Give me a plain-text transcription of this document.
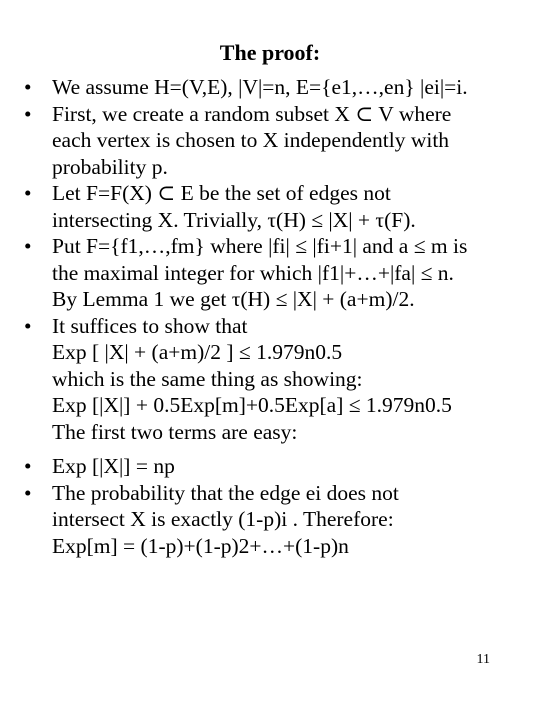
The proof:
• We assume H=(V,E), |V|=n, E={e1,…,en} |ei|=i.
• First, we create a random subset X ⊂ V where
each vertex is chosen to X independently with
probability p.
• Let F=F(X) ⊂ E be the set of edges not
intersecting X. Trivially, τ(H) ≤ |X| + τ(F).
• Put F={f1,…,fm} where |fi| ≤ |fi+1| and a ≤ m is
the maximal integer for which |f1|+…+|fa| ≤ n.
By Lemma 1 we get τ(H) ≤ |X| + (a+m)/2.
• It suffices to show that
Exp [ |X| + (a+m)/2 ] ≤ 1.979n0.5
which is the same thing as showing:
Exp [|X|] + 0.5Exp[m]+0.5Exp[a] ≤ 1.979n0.5
The first two terms are easy:
• Exp [|X|] = np
• The probability that the edge ei does not
intersect X is exactly (1-p)i . Therefore:
Exp[m] = (1-p)+(1-p)2+…+(1-p)n
11
